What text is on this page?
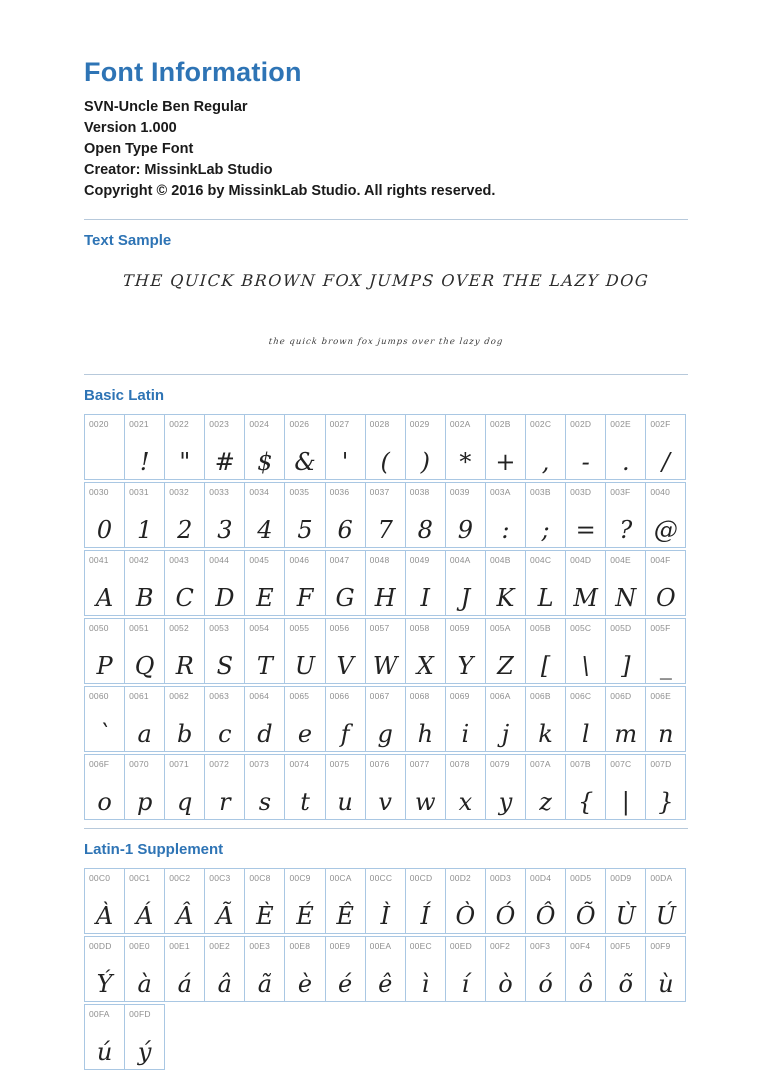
Font Information

SVN-Uncle Ben Regular

Version 1.000

Open Type Font

Creator: MissinkLab Studio

Copyright © 2016 by MissinkLab Studio. All rights reserved.

Text Sample
THE QUICK BROWN FOX JUMPS OVER THE LAZY DOG
the quick brown fox jumps over the lazy dog
Basic Latin
0020	0021
!
0022
"
0023
#
0024
$
0026
&
0027
'
0028
(
0029
)
002A
*
002B
+
002C
,
002D
-
002E
.
002F
/
0030
0
0031
1
0032
2
0033
3
0034
4
0035
5
0036
6
0037
7
0038
8
0039
9
003A
:
003B
;
003D
=
003F
?
0040
@
0041
A
0042
B
0043
C
0044
D
0045
E
0046
F
0047
G
0048
H
0049
I
004A
J
004B
K
004C
L
004D
M
004E
N
004F
O
0050
P
0051
Q
0052
R
0053
S
0054
T
0055
U
0056
V
0057
W
0058
X
0059
Y
005A
Z
005B
[
005C
\
005D
]
005F
_
0060
`
0061
a
0062
b
0063
c
0064
d
0065
e
0066
f
0067
g
0068
h
0069
i
006A
j
006B
k
006C
l
006D
m
006E
n
006F
o
0070
p
0071
q
0072
r
0073
s
0074
t
0075
u
0076
v
0077
w
0078
x
0079
y
007A
z
007B
{
007C
|
007D
}
Latin-1 Supplement
00C0
À
00C1
Á
00C2
Â
00C3
Ã
00C8
È
00C9
É
00CA
Ê
00CC
Ì
00CD
Í
00D2
Ò
00D3
Ó
00D4
Ô
00D5
Õ
00D9
Ù
00DA
Ú
00DD
Ý
00E0
à
00E1
á
00E2
â
00E3
ã
00E8
è
00E9
é
00EA
ê
00EC
ì
00ED
í
00F2
ò
00F3
ó
00F4
ô
00F5
õ
00F9
ù
00FA
ú
00FD
ý
